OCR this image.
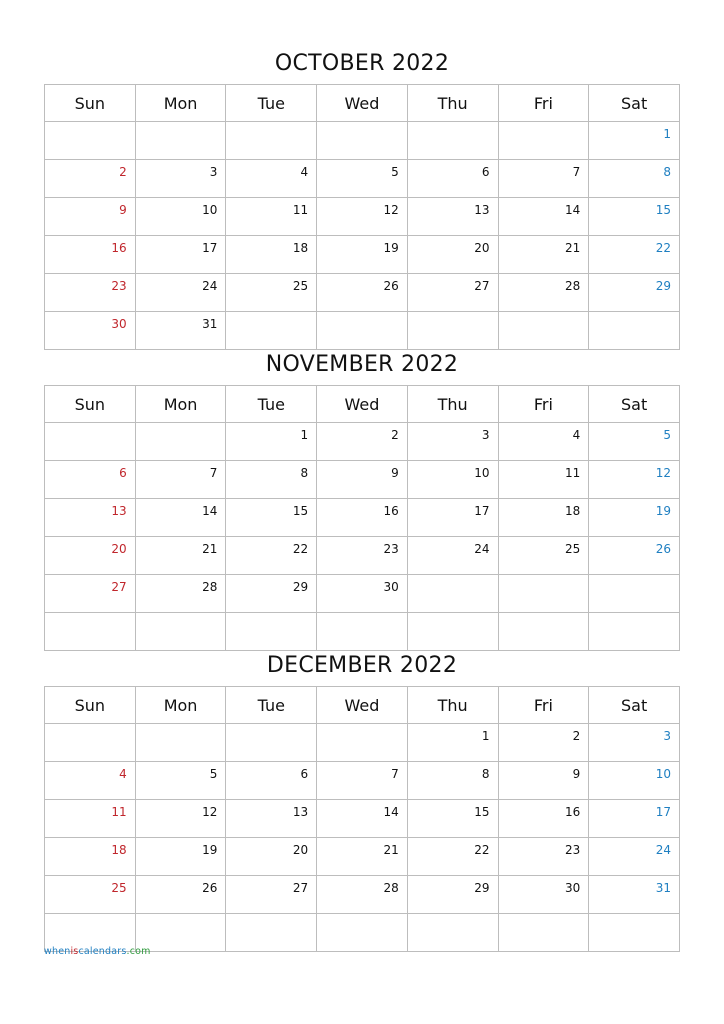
OCTOBER 2022
Sun	Mon	Tue	Wed	Thu	Fri	Sat

						1

2	3	4	5	6	7	8

9	10	11	12	13	14	15

16	17	18	19	20	21	22

23	24	25	26	27	28	29

30	31					

NOVEMBER 2022
Sun	Mon	Tue	Wed	Thu	Fri	Sat

		1	2	3	4	5

6	7	8	9	10	11	12

13	14	15	16	17	18	19

20	21	22	23	24	25	26

27	28	29	30			

DECEMBER 2022
Sun	Mon	Tue	Wed	Thu	Fri	Sat

				1	2	3

4	5	6	7	8	9	10

11	12	13	14	15	16	17

18	19	20	21	22	23	24

25	26	27	28	29	30	31

wheniscalendars.com
